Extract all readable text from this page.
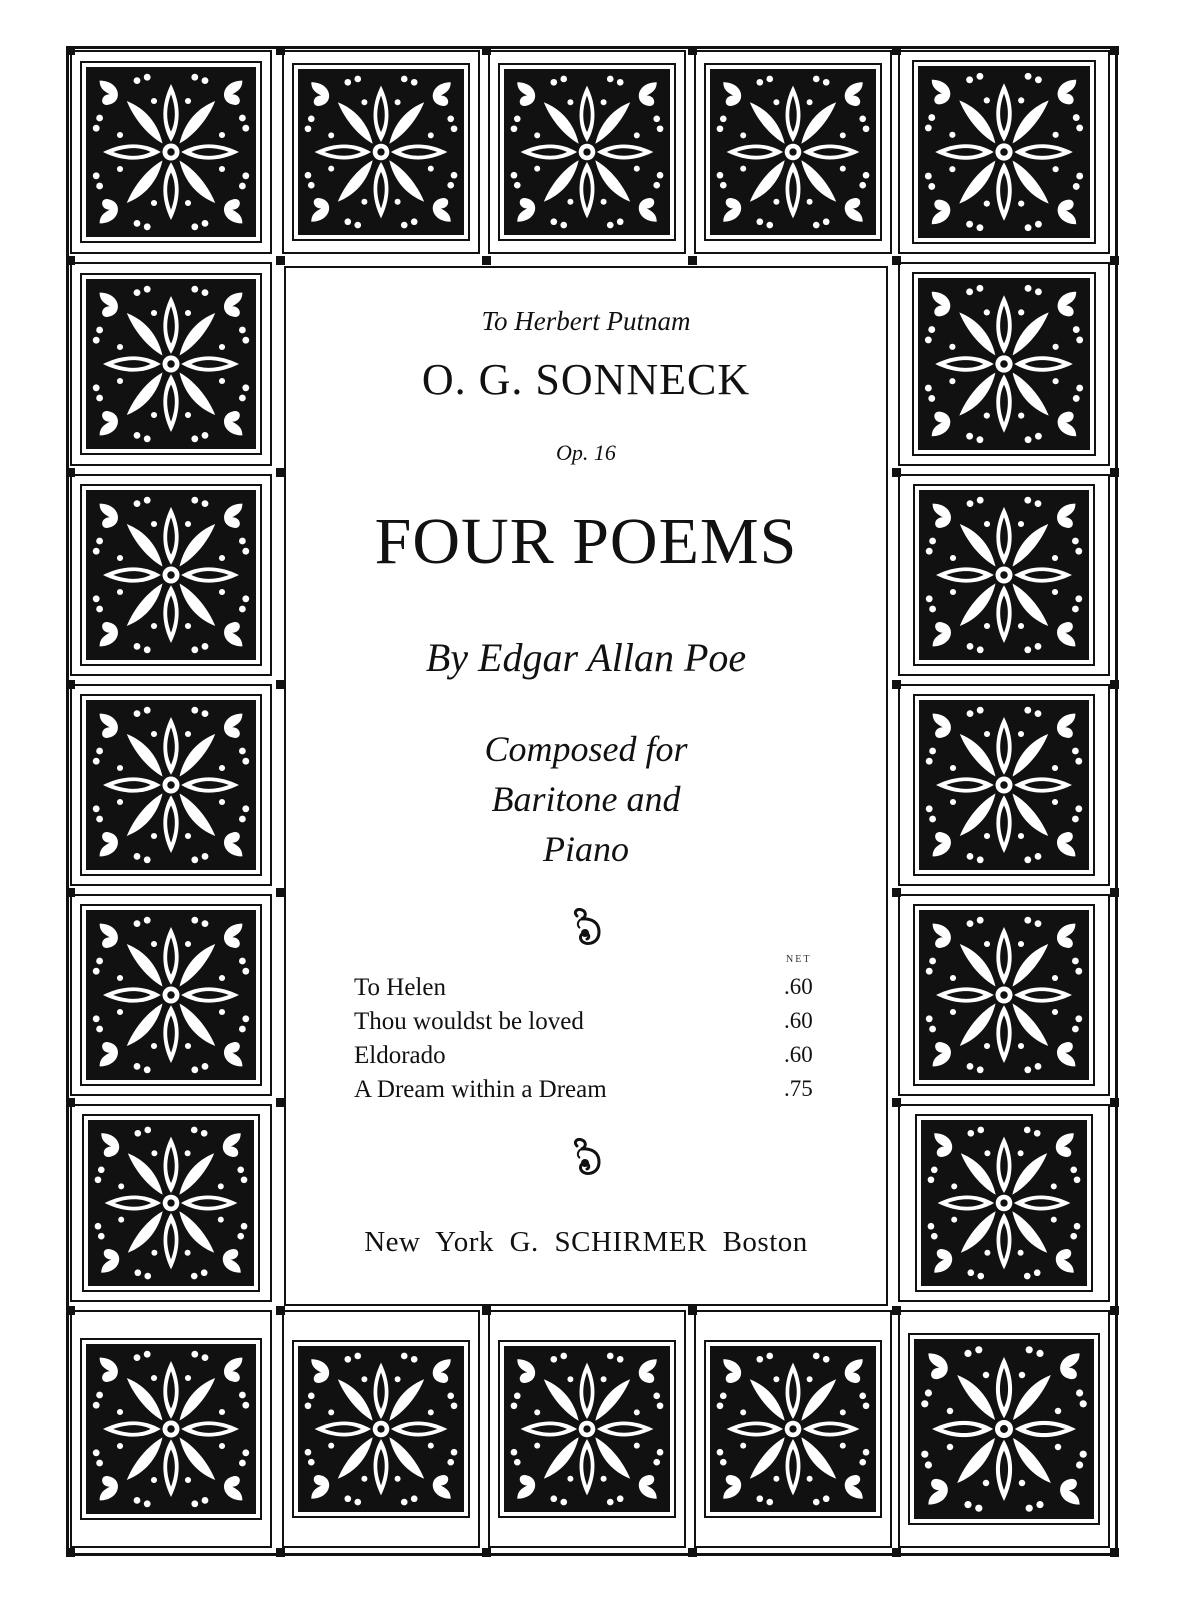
To Herbert Putnam
O. G. SONNECK
Op. 16
FOUR POEMS
By Edgar Allan Poe
Composed for
Baritone and
Piano
NET
To Helen	.60
Thou wouldst be loved	.60
Eldorado	.60
A Dream within a Dream	.75
New York G. SCHIRMER Boston
